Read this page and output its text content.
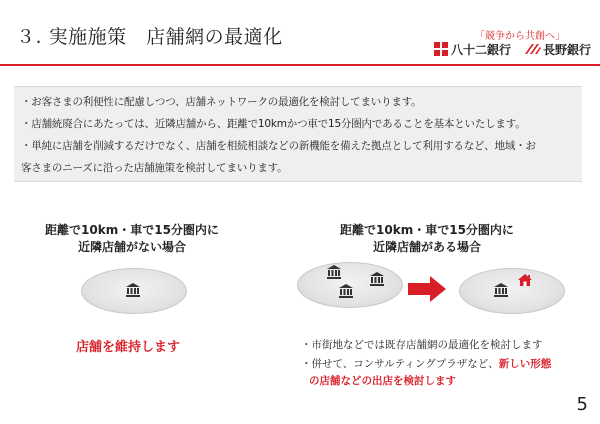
３. 実施施策　店舗網の最適化	「競争から共創へ」
八十二銀行	長野銀行
・お客さまの利便性に配慮しつつ、店舗ネットワークの最適化を検討してまいります。
・店舗統廃合にあたっては、近隣店舗から、距離で10kmかつ車で15分圏内であることを基本といたします。
・単純に店舗を削減するだけでなく、店舗を相続相談などの新機能を備えた拠点として利用するなど、地域・お
客さまのニーズに沿った店舗施策を検討してまいります。
距離で10km・車で15分圏内に
近隣店舗がない場合
店舗を維持します
距離で10km・車で15分圏内に
近隣店舗がある場合
・市街地などでは既存店舗網の最適化を検討します
・併せて、コンサルティングプラザなど、新しい形態
の店舗などの出店を検討します
5
